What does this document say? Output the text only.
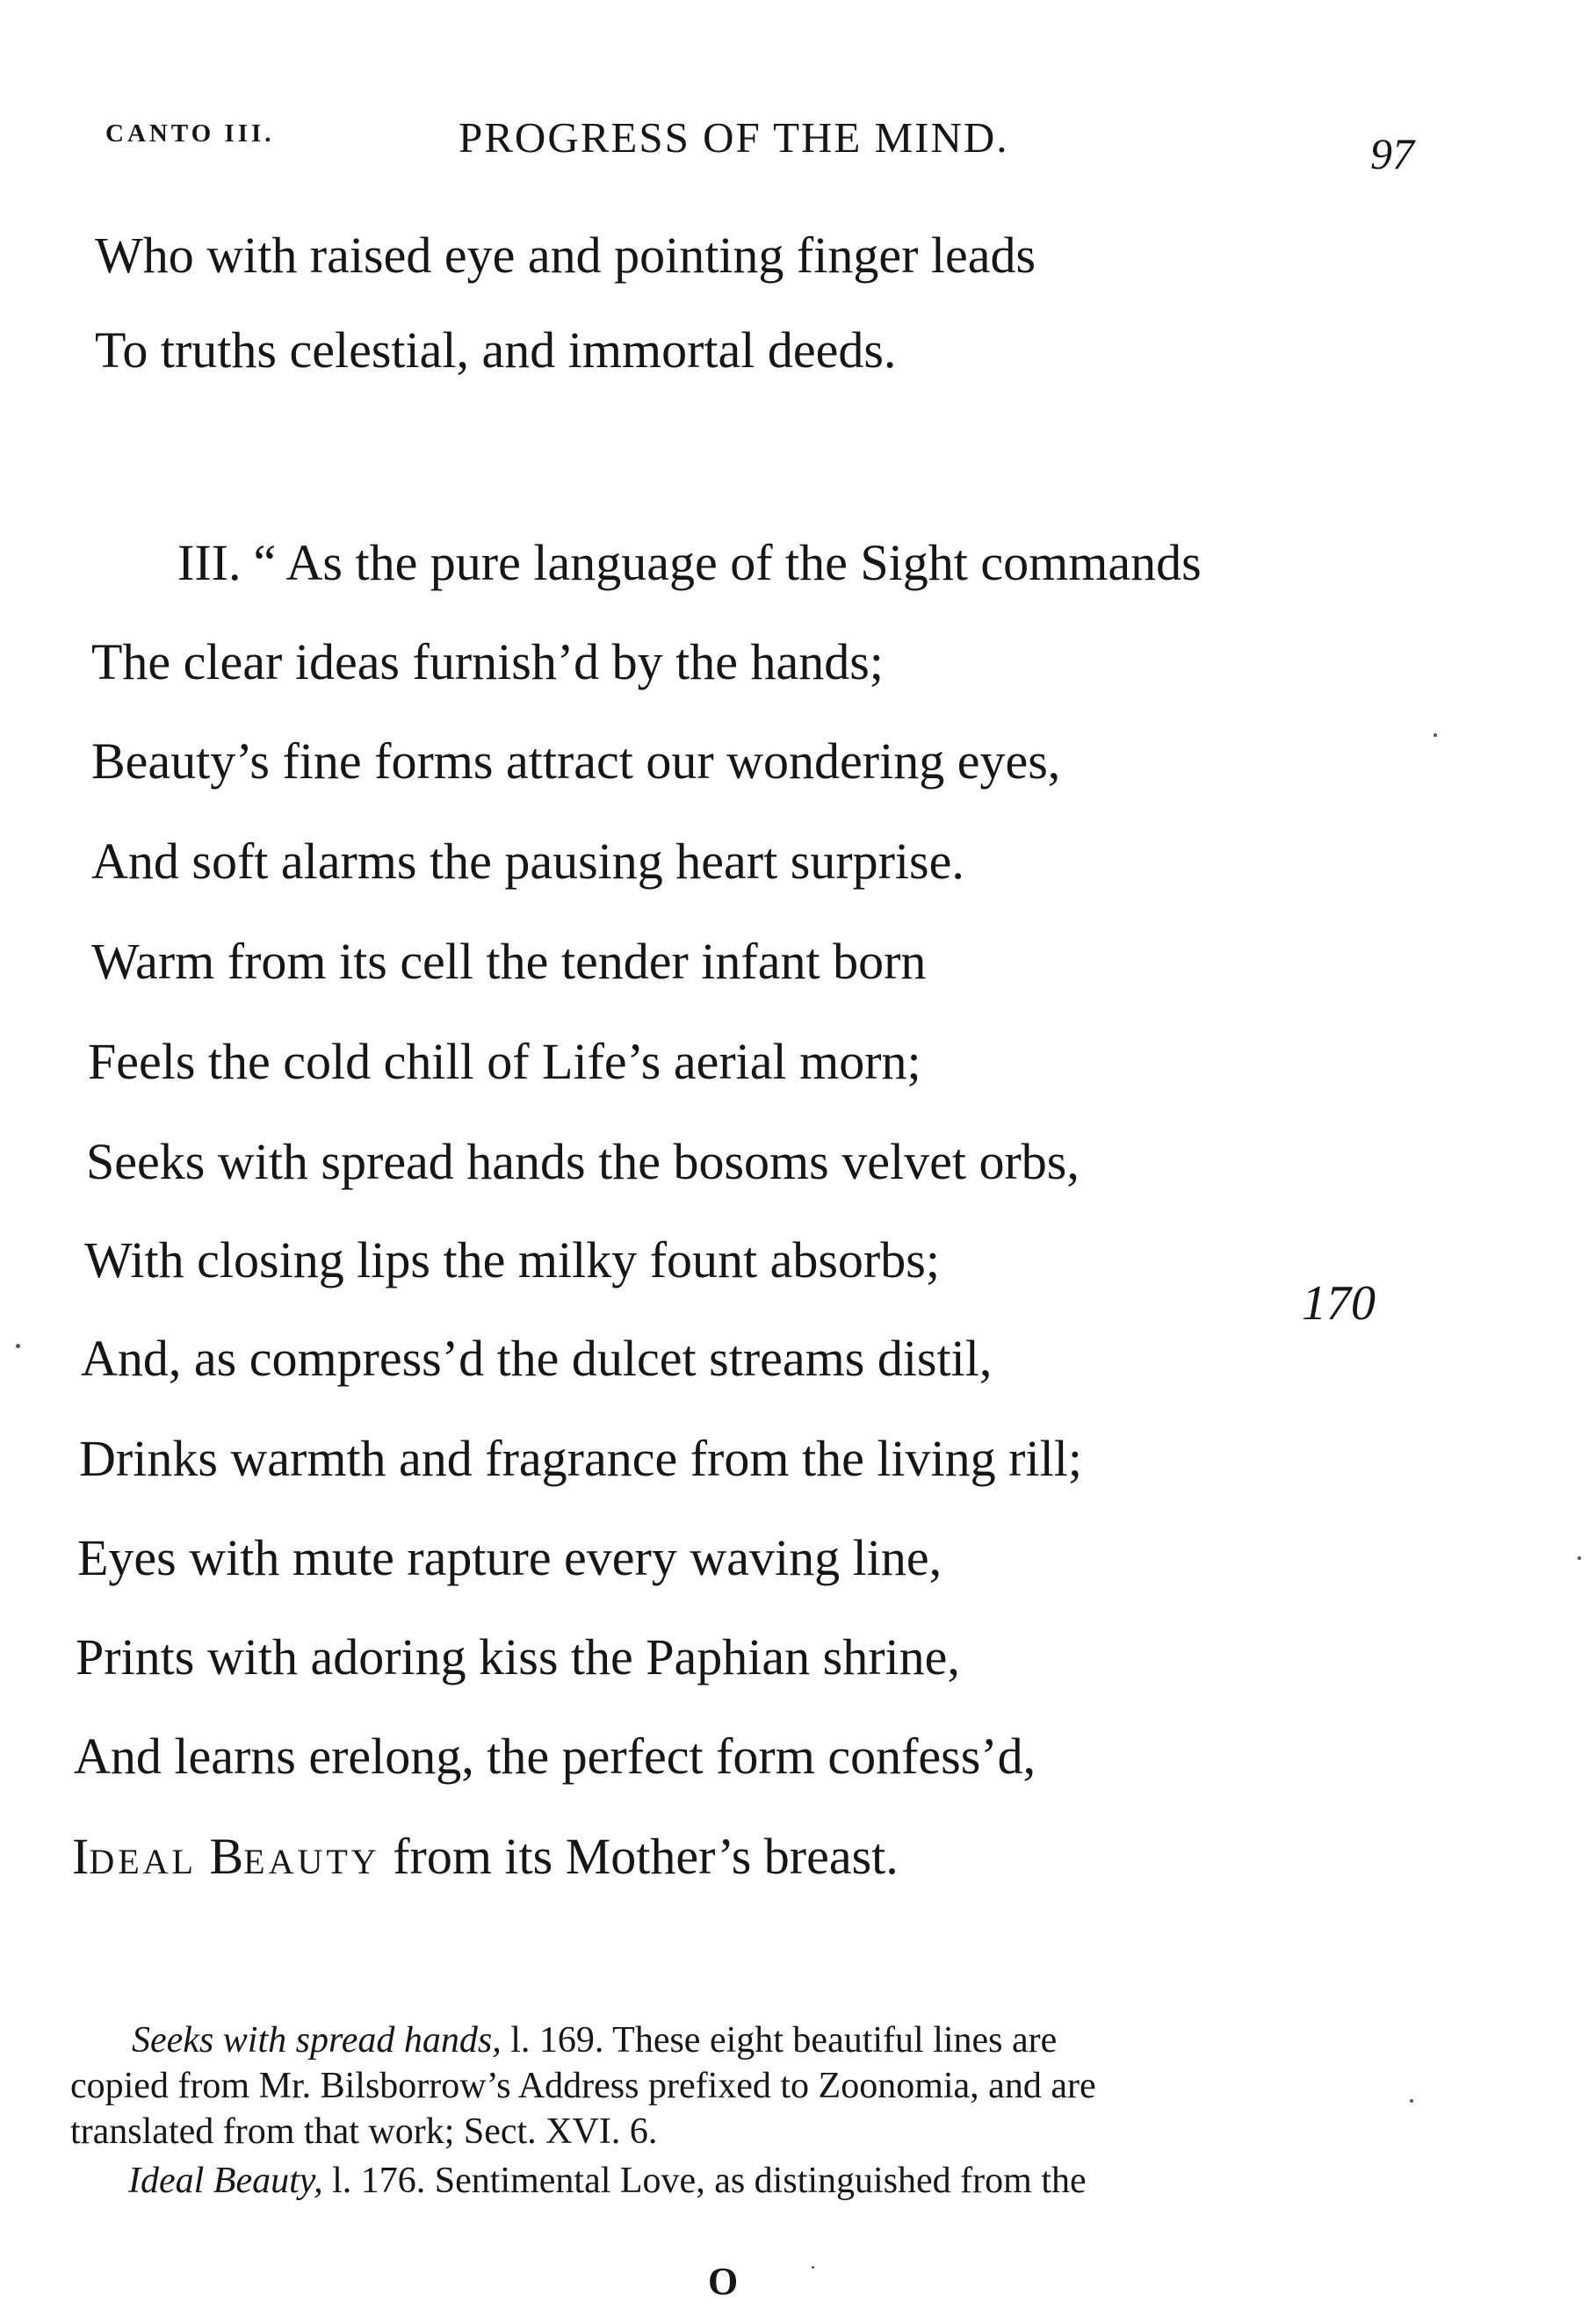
CANTO III.	PROGRESS OF THE MIND.	97
Who with raised eye and pointing finger leads
To truths celestial, and immortal deeds.
III. “ As the pure language of the Sight commands
The clear ideas furnish’d by the hands;
Beauty’s fine forms attract our wondering eyes,
And soft alarms the pausing heart surprise.
Warm from its cell the tender infant born
Feels the cold chill of Life’s aerial morn;
Seeks with spread hands the bosoms velvet orbs,
With closing lips the milky fount absorbs;
And, as compress’d the dulcet streams distil,
Drinks warmth and fragrance from the living rill;
Eyes with mute rapture every waving line,
Prints with adoring kiss the Paphian shrine,
And learns erelong, the perfect form confess’d,
IDEAL BEAUTY from its Mother’s breast.
170
Seeks with spread hands, l. 169. These eight beautiful lines are
copied from Mr. Bilsborrow’s Address prefixed to Zoonomia, and are
translated from that work; Sect. XVI. 6.
Ideal Beauty, l. 176. Sentimental Love, as distinguished from the
O
